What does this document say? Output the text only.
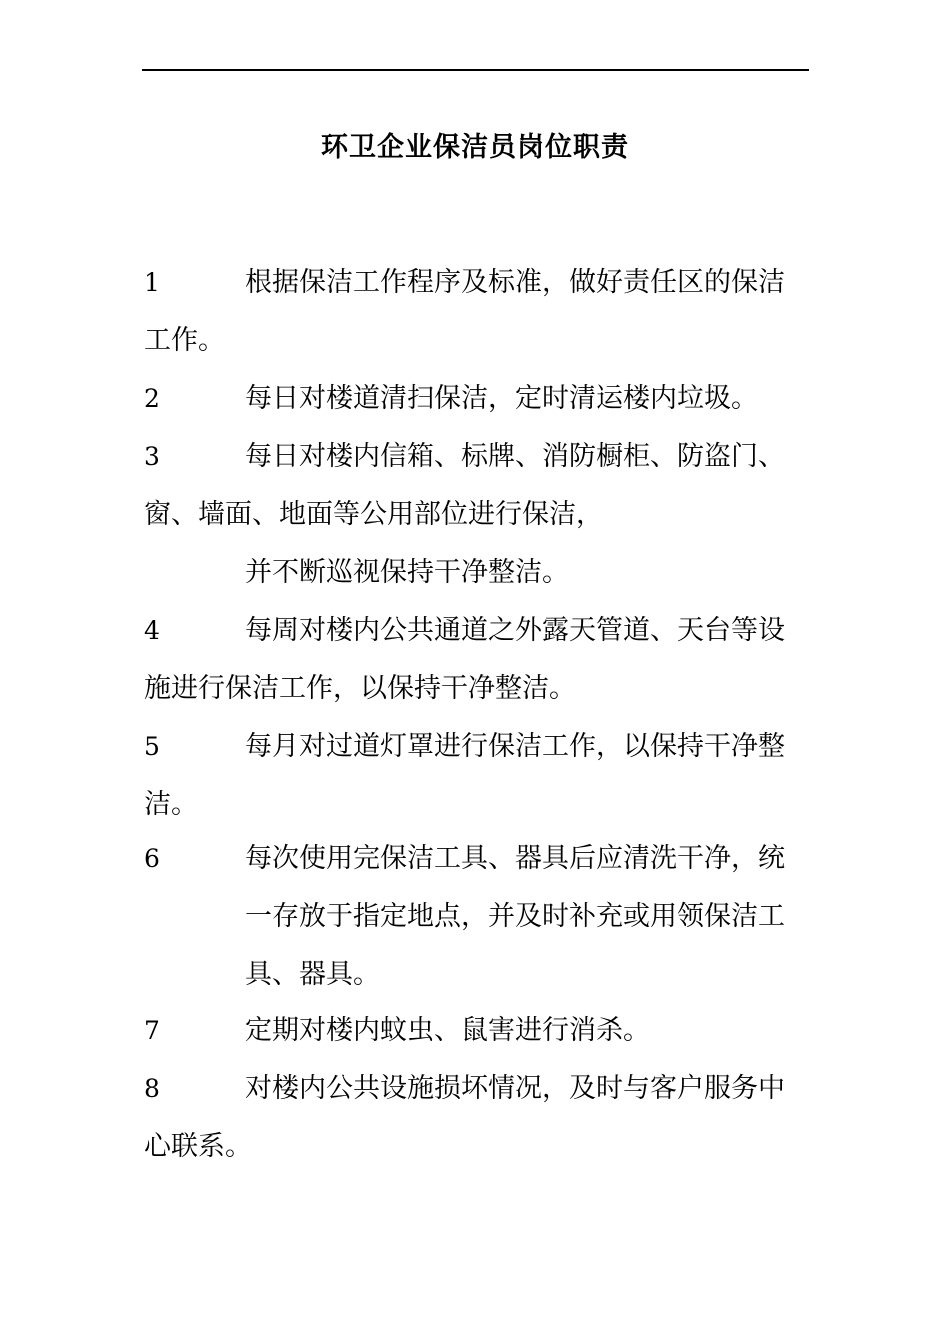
环卫企业保洁员岗位职责
1	根据保洁工作程序及标准，做好责任区的保洁
工作。
2	每日对楼道清扫保洁，定时清运楼内垃圾。
3	每日对楼内信箱、标牌、消防橱柜、防盗门、
窗、墙面、地面等公用部位进行保洁，
并不断巡视保持干净整洁。
4	每周对楼内公共通道之外露天管道、天台等设
施进行保洁工作，以保持干净整洁。
5	每月对过道灯罩进行保洁工作，以保持干净整
洁。
6	每次使用完保洁工具、器具后应清洗干净，统
一存放于指定地点，并及时补充或用领保洁工
具、器具。
7	定期对楼内蚊虫、鼠害进行消杀。
8	对楼内公共设施损坏情况，及时与客户服务中
心联系。
